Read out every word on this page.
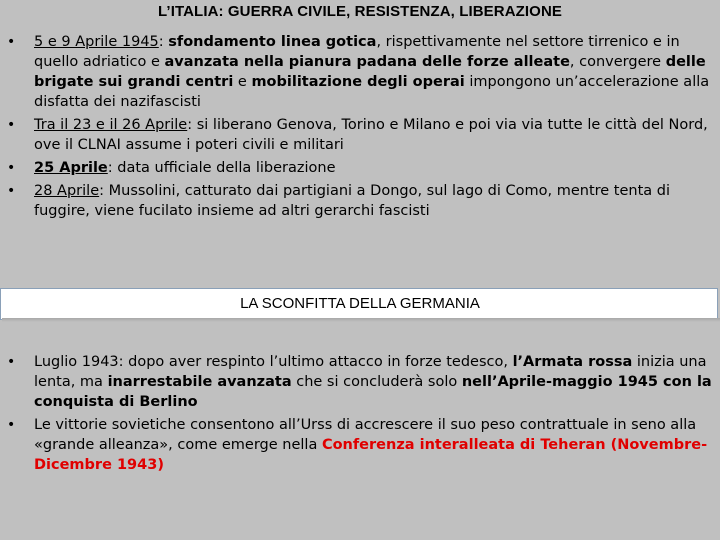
L’ITALIA: GUERRA CIVILE, RESISTENZA, LIBERAZIONE
• 5 e 9 Aprile 1945: sfondamento linea gotica, rispettivamente nel settore tirrenico e in quello adriatico e avanzata nella pianura padana delle forze alleate, convergere delle brigate sui grandi centri e mobilitazione degli operai impongono un’accelerazione alla disfatta dei nazifascisti
• Tra il 23 e il 26 Aprile: si liberano Genova, Torino e Milano e poi via via tutte le città del Nord, ove il CLNAI assume i poteri civili e militari
• 25 Aprile: data ufficiale della liberazione
• 28 Aprile: Mussolini, catturato dai partigiani a Dongo, sul lago di Como, mentre tenta di fuggire, viene fucilato insieme ad altri gerarchi fascisti
LA SCONFITTA DELLA GERMANIA
• Luglio 1943: dopo aver respinto l’ultimo attacco in forze tedesco, l’Armata rossa inizia una lenta, ma inarrestabile avanzata che si concluderà solo nell’Aprile-maggio 1945 con la conquista di Berlino
• Le vittorie sovietiche consentono all’Urss di accrescere il suo peso contrattuale in seno alla «grande alleanza», come emerge nella Conferenza interalleata di Teheran (Novembre-Dicembre 1943)
